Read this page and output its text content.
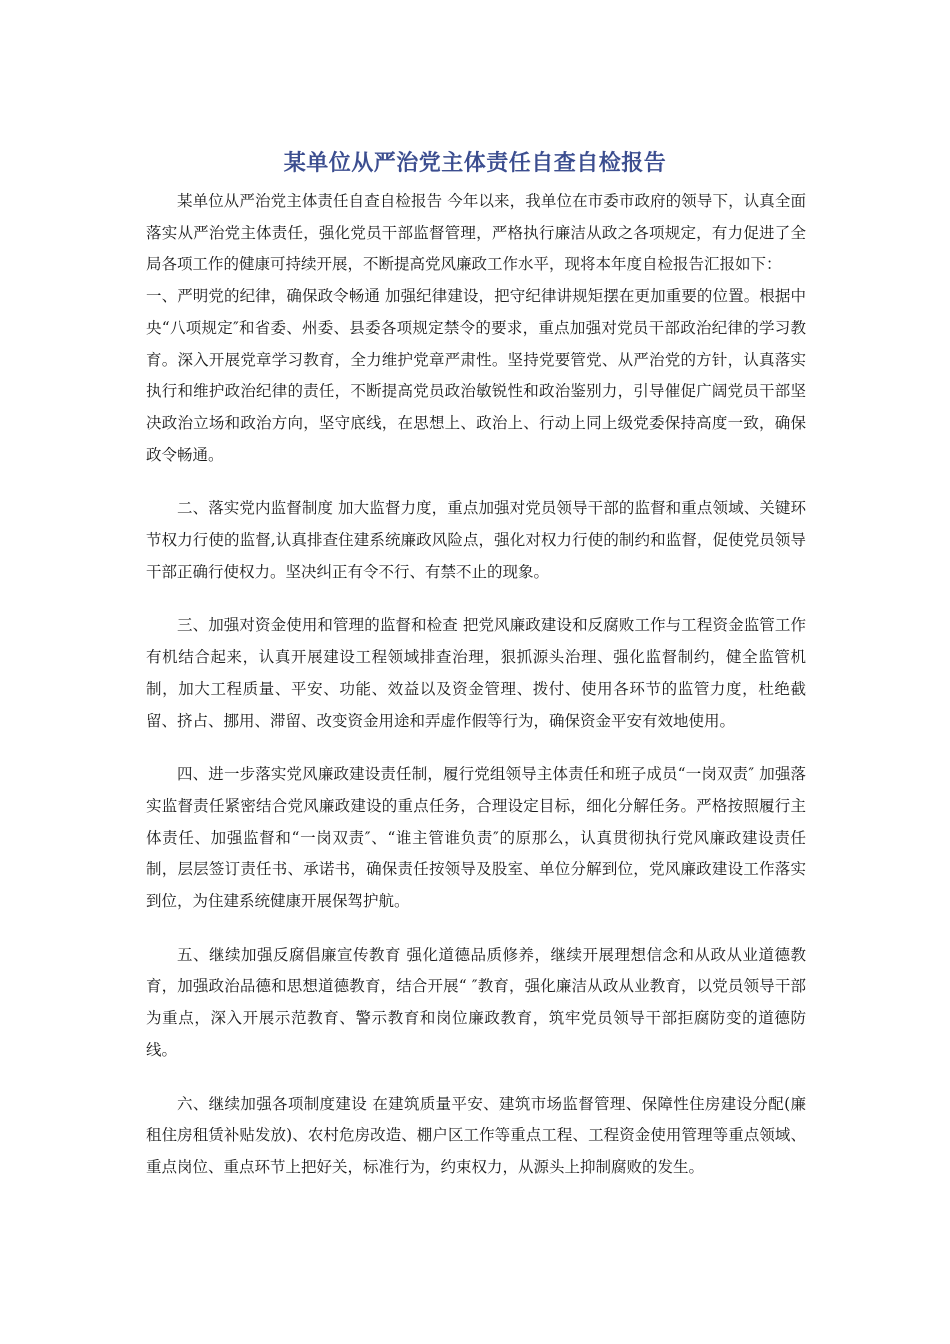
某单位从严治党主体责任自查自检报告

某单位从严治党主体责任自查自检报告 今年以来，我单位在市委市政府的领导下，认真全面落实从严治党主体责任，强化党员干部监督管理，严格执行廉洁从政之各项规定，有力促进了全局各项工作的健康可持续开展，不断提高党风廉政工作水平，现将本年度自检报告汇报如下：

一、严明党的纪律，确保政令畅通 加强纪律建设，把守纪律讲规矩摆在更加重要的位置。根据中央“八项规定″和省委、州委、县委各项规定禁令的要求，重点加强对党员干部政治纪律的学习教育。深入开展党章学习教育，全力维护党章严肃性。坚持党要管党、从严治党的方针，认真落实执行和维护政治纪律的责任，不断提高党员政治敏锐性和政治鉴别力，引导催促广阔党员干部坚决政治立场和政治方向，坚守底线，在思想上、政治上、行动上同上级党委保持高度一致，确保政令畅通。

二、落实党内监督制度 加大监督力度，重点加强对党员领导干部的监督和重点领域、关键环节权力行使的监督,认真排查住建系统廉政风险点，强化对权力行使的制约和监督，促使党员领导干部正确行使权力。坚决纠正有令不行、有禁不止的现象。

三、加强对资金使用和管理的监督和检查 把党风廉政建设和反腐败工作与工程资金监管工作有机结合起来，认真开展建设工程领域排查治理，狠抓源头治理、强化监督制约，健全监管机制，加大工程质量、平安、功能、效益以及资金管理、拨付、使用各环节的监管力度，杜绝截留、挤占、挪用、滞留、改变资金用途和弄虚作假等行为，确保资金平安有效地使用。

四、进一步落实党风廉政建设责任制，履行党组领导主体责任和班子成员“一岗双责″ 加强落实监督责任紧密结合党风廉政建设的重点任务，合理设定目标，细化分解任务。严格按照履行主体责任、加强监督和“一岗双责″、“谁主管谁负责″的原那么，认真贯彻执行党风廉政建设责任制，层层签订责任书、承诺书，确保责任按领导及股室、单位分解到位，党风廉政建设工作落实到位，为住建系统健康开展保驾护航。

五、继续加强反腐倡廉宣传教育 强化道德品质修养，继续开展理想信念和从政从业道德教育，加强政治品德和思想道德教育，结合开展“ ″教育，强化廉洁从政从业教育，以党员领导干部为重点，深入开展示范教育、警示教育和岗位廉政教育，筑牢党员领导干部拒腐防变的道德防线。

六、继续加强各项制度建设 在建筑质量平安、建筑市场监督管理、保障性住房建设分配(廉租住房租赁补贴发放)、农村危房改造、棚户区工作等重点工程、工程资金使用管理等重点领域、重点岗位、重点环节上把好关，标准行为，约束权力，从源头上抑制腐败的发生。
